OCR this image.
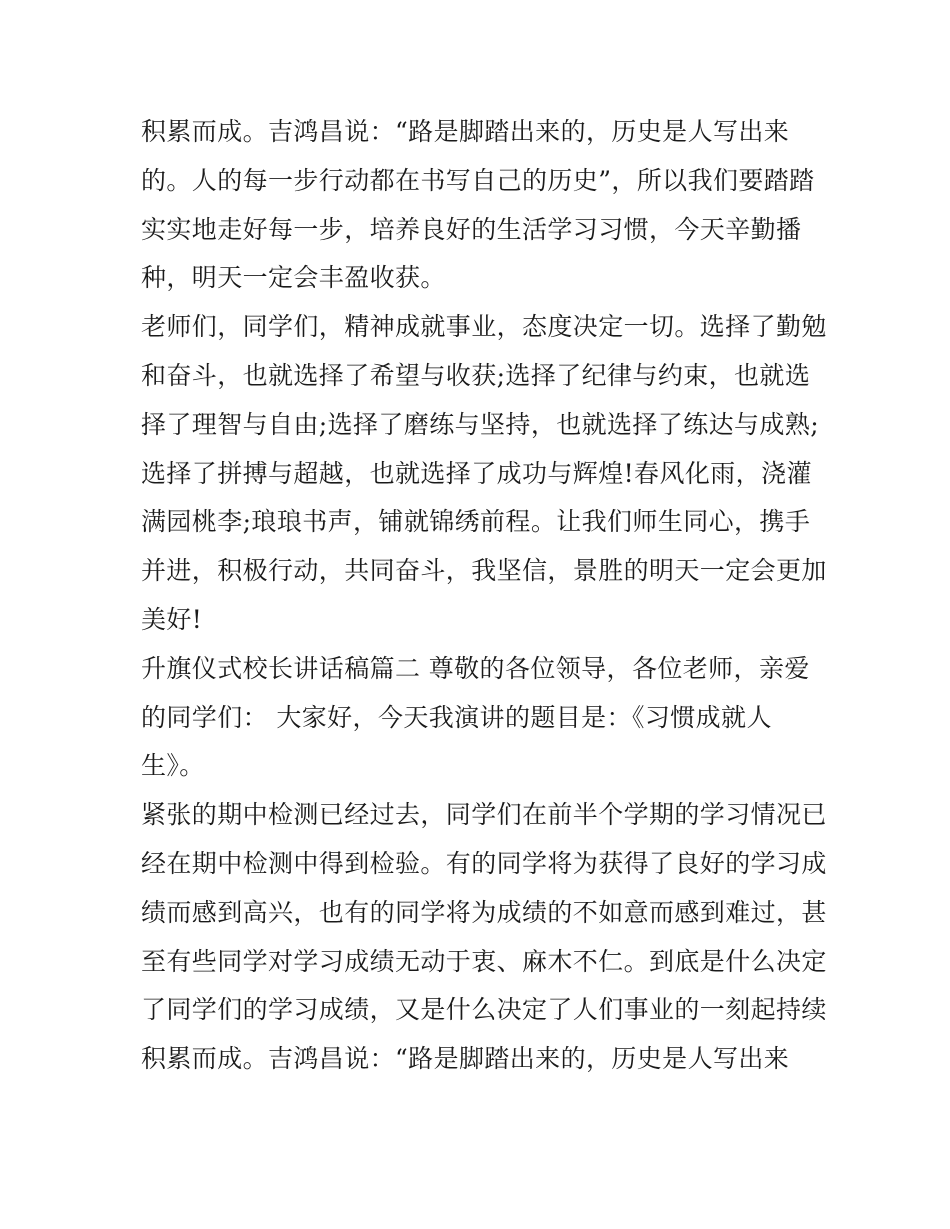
积累而成。吉鸿昌说：“路是脚踏出来的，历史是人写出来
的。人的每一步行动都在书写自己的历史”，所以我们要踏踏
实实地走好每一步，培养良好的生活学习习惯，今天辛勤播
种，明天一定会丰盈收获。
老师们，同学们，精神成就事业，态度决定一切。选择了勤勉
和奋斗，也就选择了希望与收获;选择了纪律与约束，也就选
择了理智与自由;选择了磨练与坚持，也就选择了练达与成熟;
选择了拼搏与超越，也就选择了成功与辉煌!春风化雨，浇灌
满园桃李;琅琅书声，铺就锦绣前程。让我们师生同心，携手
并进，积极行动，共同奋斗，我坚信，景胜的明天一定会更加
美好!
升旗仪式校长讲话稿篇二 尊敬的各位领导，各位老师，亲爱
的同学们： 大家好，今天我演讲的题目是：《习惯成就人
生》。
紧张的期中检测已经过去，同学们在前半个学期的学习情况已
经在期中检测中得到检验。有的同学将为获得了良好的学习成
绩而感到高兴，也有的同学将为成绩的不如意而感到难过，甚
至有些同学对学习成绩无动于衷、麻木不仁。到底是什么决定
了同学们的学习成绩，又是什么决定了人们事业的一刻起持续
积累而成。吉鸿昌说：“路是脚踏出来的，历史是人写出来
